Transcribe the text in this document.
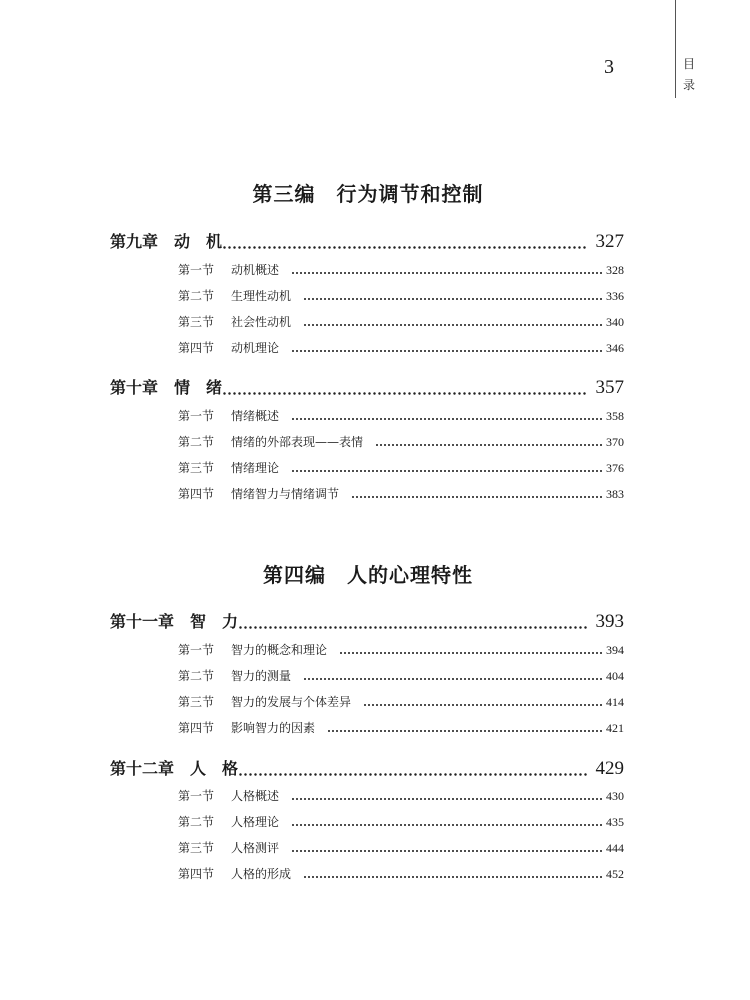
目录
3
第三编　行为调节和控制
第九章 动　机	327
第一节	动机概述	328
第二节	生理性动机	336
第三节	社会性动机	340
第四节	动机理论	346
第十章 情　绪	357
第一节	情绪概述	358
第二节	情绪的外部表现——表情	370
第三节	情绪理论	376
第四节	情绪智力与情绪调节	383
第四编　人的心理特性
第十一章 智　力	393
第一节	智力的概念和理论	394
第二节	智力的测量	404
第三节	智力的发展与个体差异	414
第四节	影响智力的因素	421
第十二章 人　格	429
第一节	人格概述	430
第二节	人格理论	435
第三节	人格测评	444
第四节	人格的形成	452
